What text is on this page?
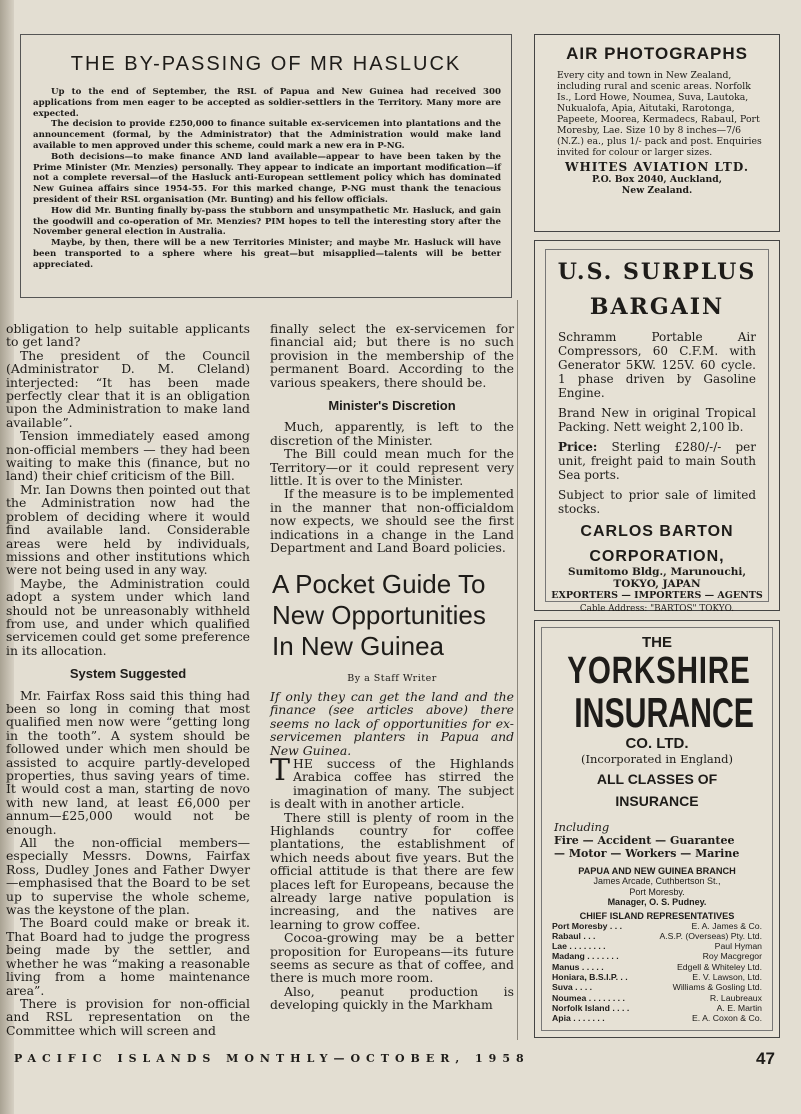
THE BY-PASSING OF MR HASLUCK

Up to the end of September, the RSL of Papua and New Guinea had received 300 applications from men eager to be accepted as soldier-settlers in the Territory. Many more are expected.

The decision to provide £250,000 to finance suitable ex-servicemen into plantations and the announcement (formal, by the Administrator) that the Administration would make land available to men approved under this scheme, could mark a new era in P-NG.

Both decisions—to make finance AND land available—appear to have been taken by the Prime Minister (Mr. Menzies) personally. They appear to indicate an important modification—if not a complete reversal—of the Hasluck anti-European settlement policy which has dominated New Guinea affairs since 1954-55. For this marked change, P-NG must thank the tenacious president of their RSL organisation (Mr. Bunting) and his fellow officials.

How did Mr. Bunting finally by-pass the stubborn and unsympathetic Mr. Hasluck, and gain the goodwill and co-operation of Mr. Menzies? PIM hopes to tell the interesting story after the November general election in Australia.

Maybe, by then, there will be a new Territories Minister; and maybe Mr. Hasluck will have been transported to a sphere where his great—but misapplied—talents will be better appreciated.

obligation to help suitable applicants to get land?

The president of the Council (Administrator D. M. Cleland) interjected: “It has been made perfectly clear that it is an obligation upon the Administration to make land available”.

Tension immediately eased among non-official members — they had been waiting to make this (finance, but no land) their chief criticism of the Bill.

Mr. Ian Downs then pointed out that the Administration now had the problem of deciding where it would find available land. Considerable areas were held by individuals, missions and other institutions which were not being used in any way.

Maybe, the Administration could adopt a system under which land should not be unreasonably withheld from use, and under which qualified servicemen could get some preference in its allocation.

System Suggested

Mr. Fairfax Ross said this thing had been so long in coming that most qualified men now were “getting long in the tooth”. A system should be followed under which men should be assisted to acquire partly-developed properties, thus saving years of time. It would cost a man, starting de novo with new land, at least £6,000 per annum—£25,000 would not be enough.

All the non-official members—especially Messrs. Downs, Fairfax Ross, Dudley Jones and Father Dwyer—emphasised that the Board to be set up to supervise the whole scheme, was the keystone of the plan.

The Board could make or break it. That Board had to judge the progress being made by the settler, and whether he was “making a reasonable living from a home maintenance area”.

There is provision for non-official and RSL representation on the Committee which will screen and

finally select the ex-servicemen for financial aid; but there is no such provision in the membership of the permanent Board. According to the various speakers, there should be.

Minister's Discretion

Much, apparently, is left to the discretion of the Minister.

The Bill could mean much for the Territory—or it could represent very little. It is over to the Minister.

If the measure is to be implemented in the manner that non-officialdom now expects, we should see the first indications in a change in the Land Department and Land Board policies.

A Pocket Guide To New Opportunities In New Guinea
By a Staff Writer

If only they can get the land and the finance (see articles above) there seems no lack of opportunities for ex-servicemen planters in Papua and New Guinea.

THE success of the Highlands Arabica coffee has stirred the imagination of many. The subject is dealt with in another article.

There still is plenty of room in the Highlands country for coffee plantations, the establishment of which needs about five years. But the official attitude is that there are few places left for Europeans, because the already large native population is increasing, and the natives are learning to grow coffee.

Cocoa-growing may be a better proposition for Europeans—its future seems as secure as that of coffee, and there is much more room.

Also, peanut production is developing quickly in the Markham

AIR PHOTOGRAPHS
Every city and town in New Zealand, including rural and scenic areas. Norfolk Is., Lord Howe, Noumea, Suva, Lautoka, Nukualofa, Apia, Aitutaki, Rarotonga, Papeete, Moorea, Kermadecs, Rabaul, Port Moresby, Lae. Size 10 by 8 inches—7/6 (N.Z.) ea., plus 1/- pack and post. Enquiries invited for colour or larger sizes.
WHITES AVIATION LTD.
P.O. Box 2040, Auckland,
New Zealand.
U.S. SURPLUS
BARGAIN

Schramm Portable Air Compressors, 60 C.F.M. with Generator 5KW. 125V. 60 cycle. 1 phase driven by Gasoline Engine.

Brand New in original Tropical Packing. Nett weight 2,100 lb.

Price: Sterling £280/-/- per unit, freight paid to main South Sea ports.

Subject to prior sale of limited stocks.

CARLOS BARTON
CORPORATION,
Sumitomo Bldg., Marunouchi,
TOKYO, JAPAN
EXPORTERS — IMPORTERS — AGENTS
Cable Address: "BARTOS" TOKYO.
THE
YORKSHIRE
INSURANCE
CO. LTD.
(Incorporated in England)
ALL CLASSES OF
INSURANCE
Including
Fire — Accident — Guarantee
— Motor — Workers — Marine
PAPUA AND NEW GUINEA BRANCH
James Arcade, Cuthbertson St.,
Port Moresby.
Manager, O. S. Pudney.
CHIEF ISLAND REPRESENTATIVES
Port Moresby . . .	E. A. James & Co.
Rabaul . . .	A.S.P. (Overseas) Pty. Ltd.
Lae . . . . . . . .	Paul Hyman
Madang . . . . . . .	Roy Macgregor
Manus . . . . .	Edgell & Whiteley Ltd.
Honiara, B.S.I.P. . .	E. V. Lawson, Ltd.
Suva . . . .	Williams & Gosling Ltd.
Noumea . . . . . . . .	R. Laubreaux
Norfolk Island . . . .	A. E. Martin
Apia . . . . . . .	E. A. Coxon & Co.
PACIFIC ISLANDS MONTHLY—OCTOBER, 1958	47
